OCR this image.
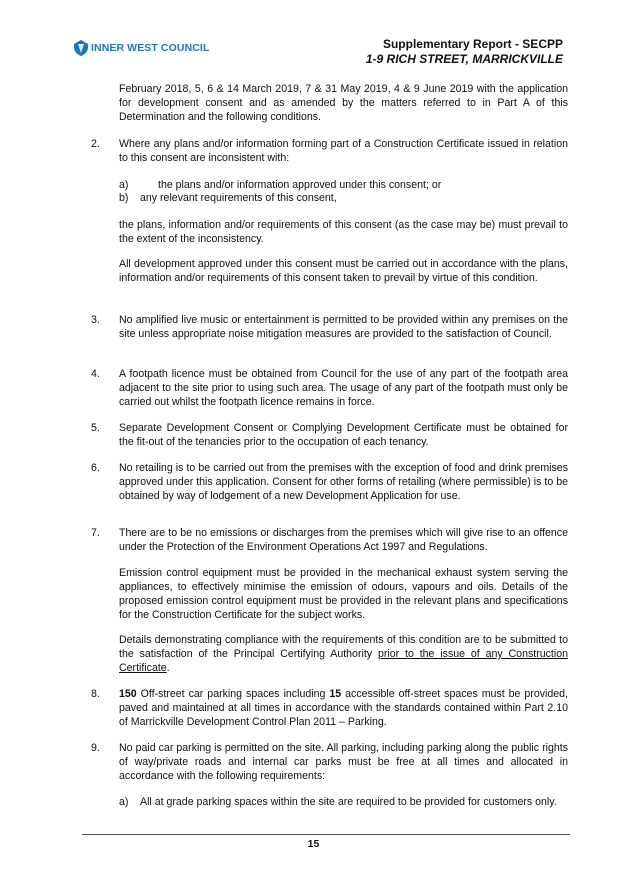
INNER WEST COUNCIL	Supplementary Report - SECPP
1-9 RICH STREET, MARRICKVILLE
February 2018, 5, 6 & 14 March 2019, 7 & 31 May 2019, 4 & 9 June 2019 with the application for development consent and as amended by the matters referred to in Part A of this Determination and the following conditions.
2. Where any plans and/or information forming part of a Construction Certificate issued in relation to this consent are inconsistent with:
a)	the plans and/or information approved under this consent; or
b) any relevant requirements of this consent,
the plans, information and/or requirements of this consent (as the case may be) must prevail to the extent of the inconsistency.
All development approved under this consent must be carried out in accordance with the plans, information and/or requirements of this consent taken to prevail by virtue of this condition.
3. No amplified live music or entertainment is permitted to be provided within any premises on the site unless appropriate noise mitigation measures are provided to the satisfaction of Council.
4. A footpath licence must be obtained from Council for the use of any part of the footpath area adjacent to the site prior to using such area. The usage of any part of the footpath must only be carried out whilst the footpath licence remains in force.
5. Separate Development Consent or Complying Development Certificate must be obtained for the fit-out of the tenancies prior to the occupation of each tenancy.
6. No retailing is to be carried out from the premises with the exception of food and drink premises approved under this application. Consent for other forms of retailing (where permissible) is to be obtained by way of lodgement of a new Development Application for use.
7. There are to be no emissions or discharges from the premises which will give rise to an offence under the Protection of the Environment Operations Act 1997 and Regulations.
Emission control equipment must be provided in the mechanical exhaust system serving the appliances, to effectively minimise the emission of odours, vapours and oils. Details of the proposed emission control equipment must be provided in the relevant plans and specifications for the Construction Certificate for the subject works.
Details demonstrating compliance with the requirements of this condition are to be submitted to the satisfaction of the Principal Certifying Authority prior to the issue of any Construction Certificate.
8. 150 Off-street car parking spaces including 15 accessible off-street spaces must be provided, paved and maintained at all times in accordance with the standards contained within Part 2.10 of Marrickville Development Control Plan 2011 – Parking.
9. No paid car parking is permitted on the site. All parking, including parking along the public rights of way/private roads and internal car parks must be free at all times and allocated in accordance with the following requirements:
a) All at grade parking spaces within the site are required to be provided for customers only.
15
